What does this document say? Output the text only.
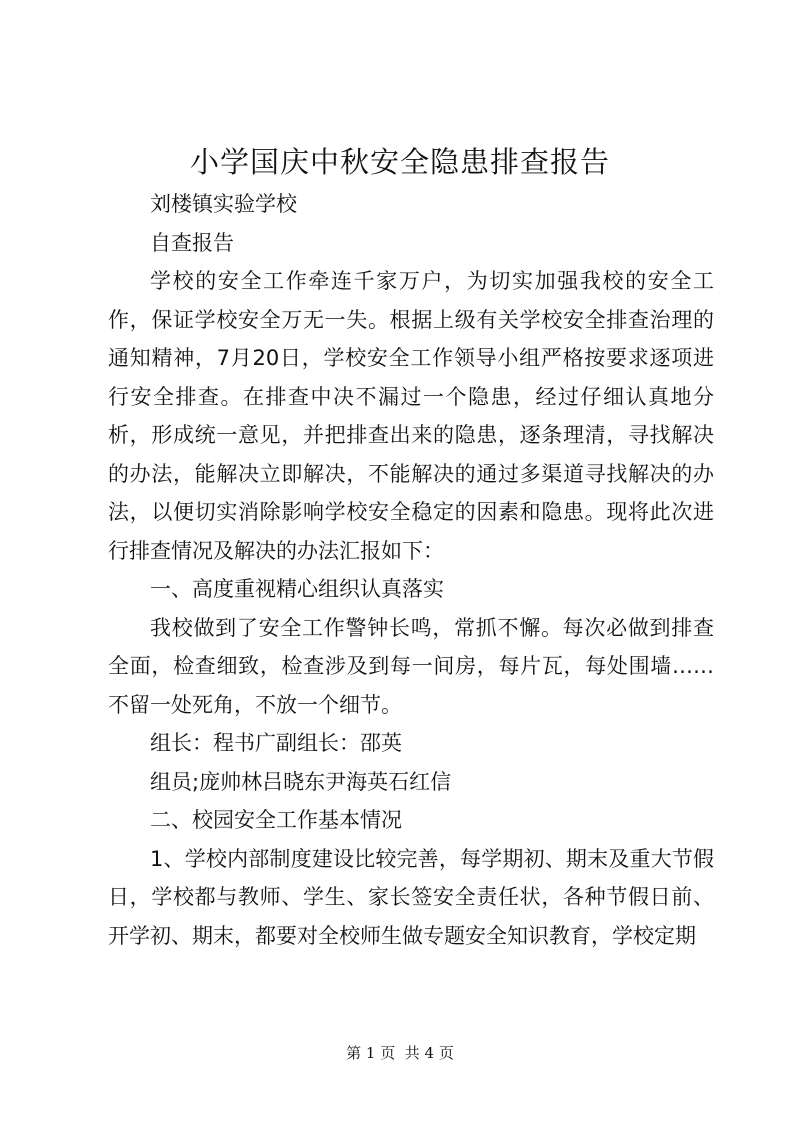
小学国庆中秋安全隐患排查报告

刘楼镇实验学校

自查报告

学校的安全工作牵连千家万户，为切实加强我校的安全工作，保证学校安全万无一失。根据上级有关学校安全排查治理的通知精神，7月20日，学校安全工作领导小组严格按要求逐项进行安全排查。在排查中决不漏过一个隐患，经过仔细认真地分析，形成统一意见，并把排查出来的隐患，逐条理清，寻找解决的办法，能解决立即解决，不能解决的通过多渠道寻找解决的办法，以便切实消除影响学校安全稳定的因素和隐患。现将此次进行排查情况及解决的办法汇报如下：

一、高度重视精心组织认真落实

我校做到了安全工作警钟长鸣，常抓不懈。每次必做到排查全面，检查细致，检查涉及到每一间房，每片瓦，每处围墙……不留一处死角，不放一个细节。

组长：程书广副组长：邵英

组员;庞帅林吕晓东尹海英石红信

二、校园安全工作基本情况

1、学校内部制度建设比较完善，每学期初、期末及重大节假日，学校都与教师、学生、家长签安全责任状，各种节假日前、开学初、期末，都要对全校师生做专题安全知识教育，学校定期

第 1 页  共 4 页
